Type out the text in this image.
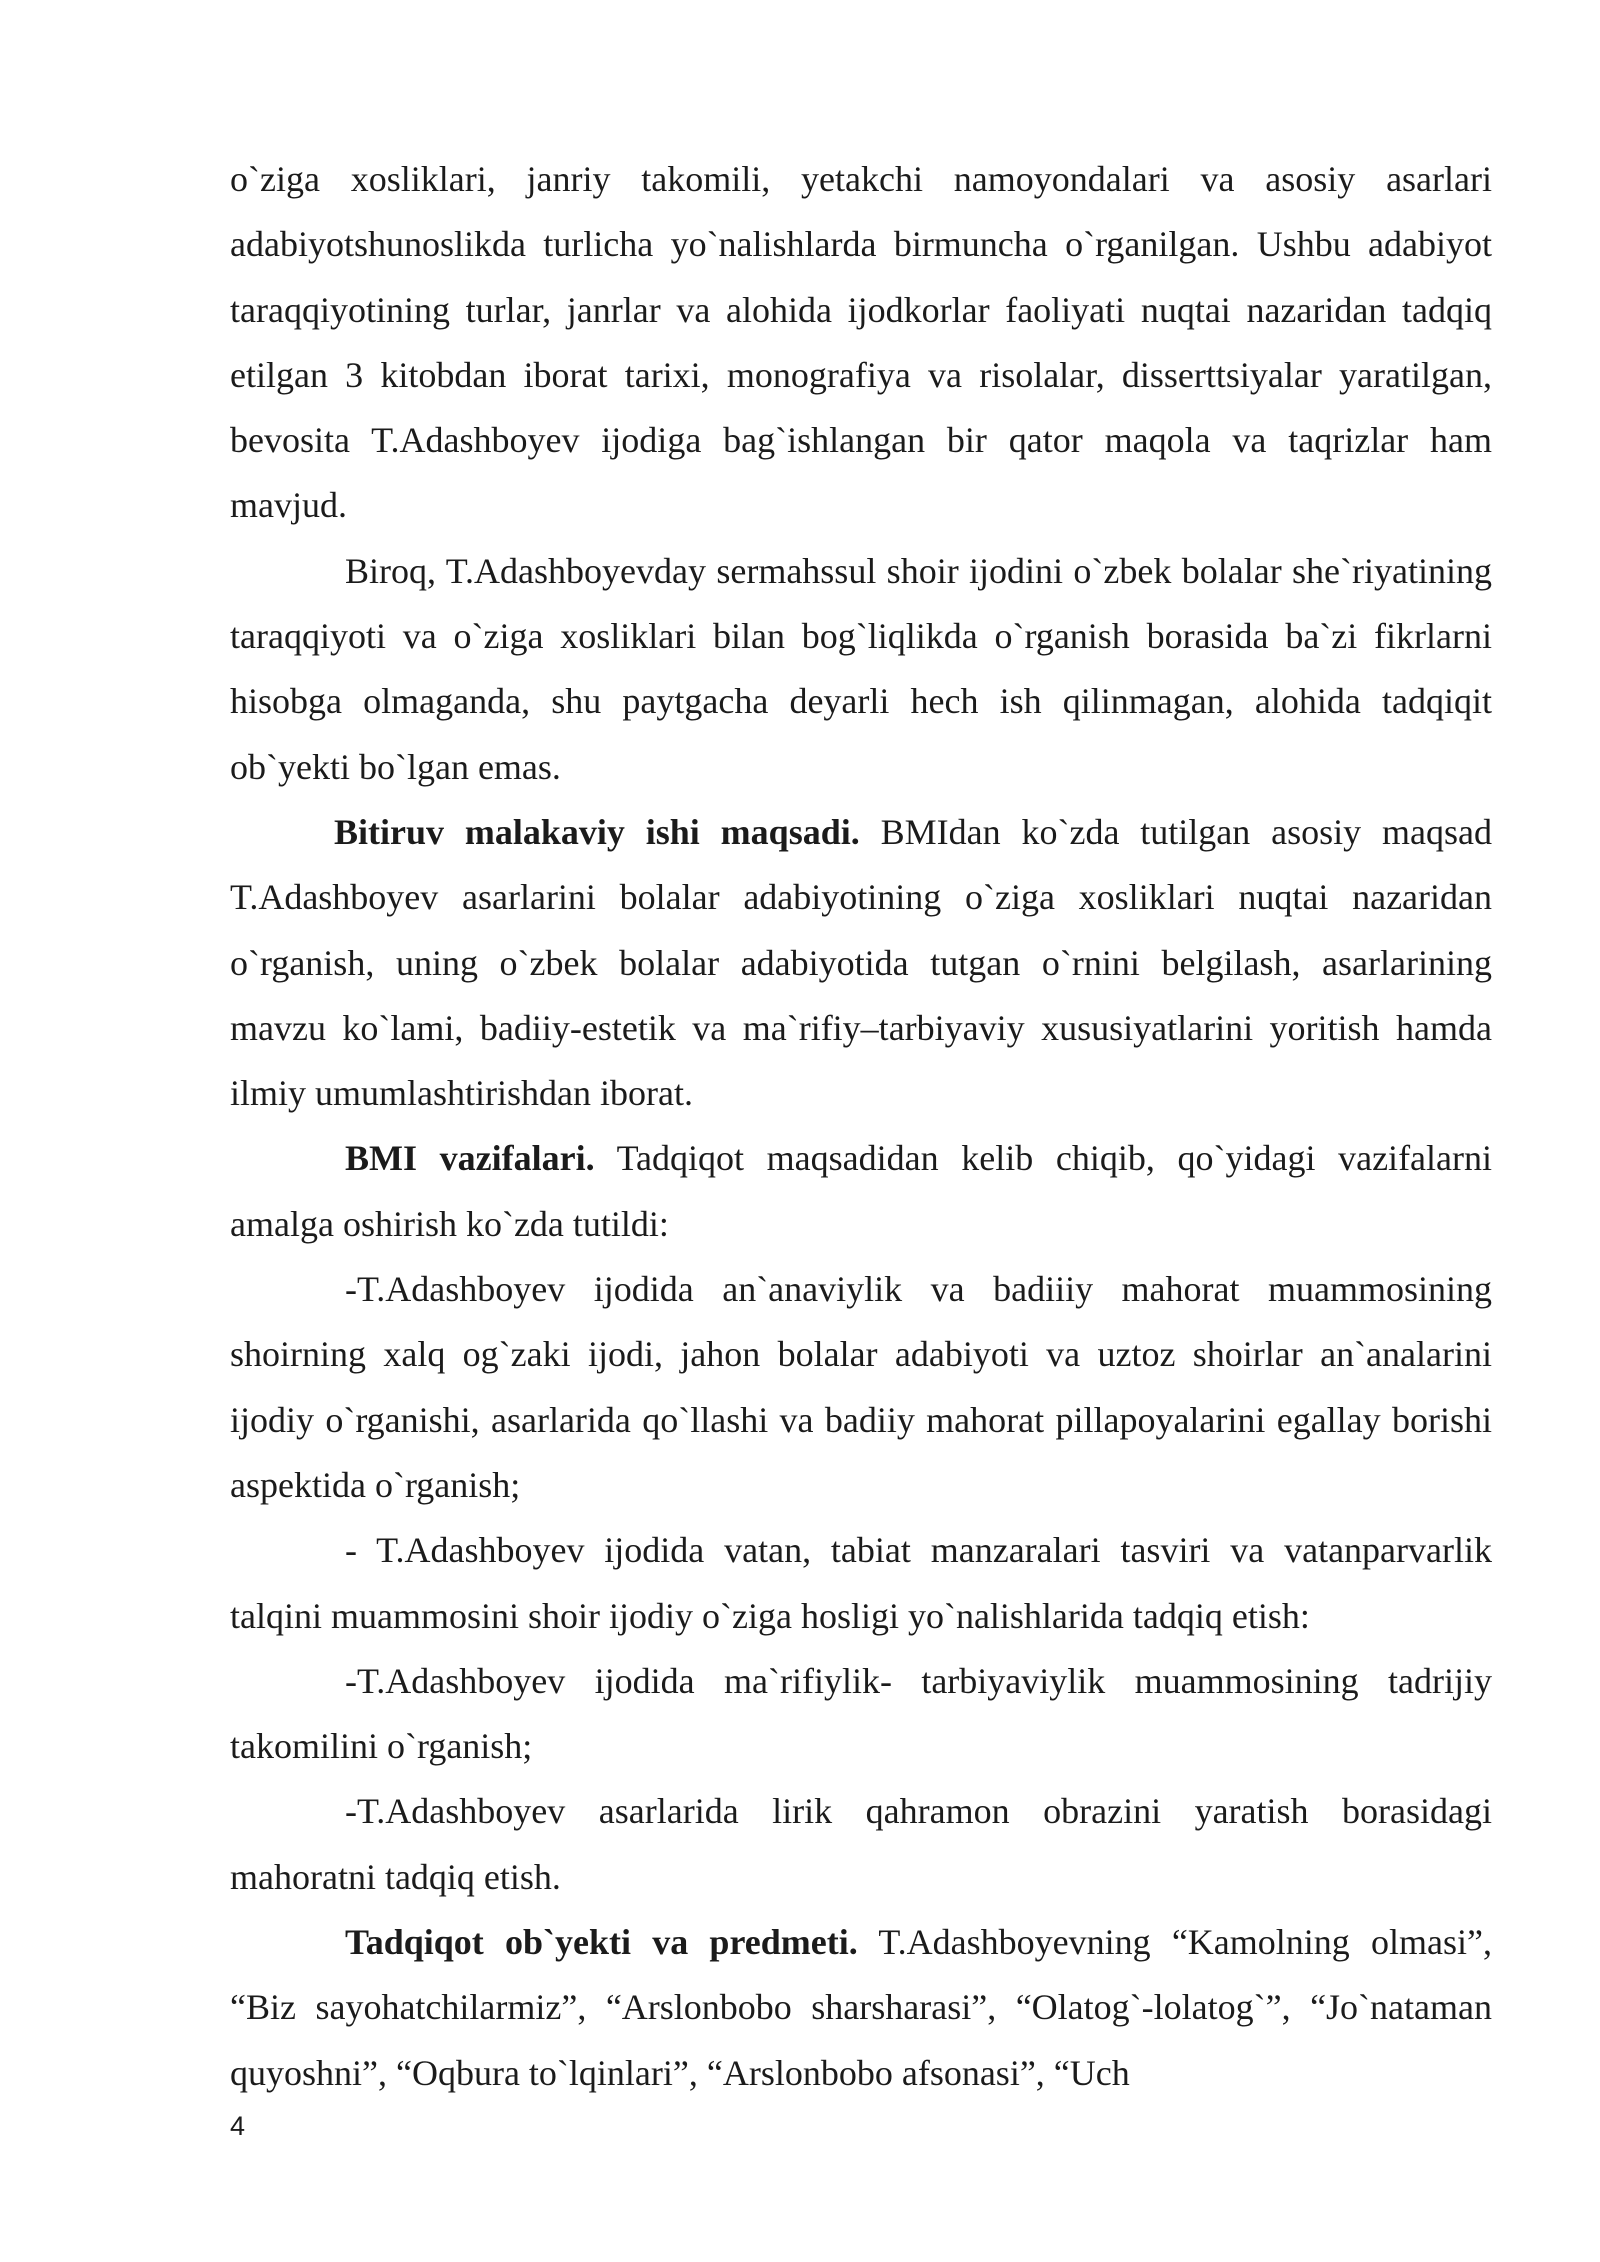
o`ziga xosliklari, janriy takomili, yetakchi namoyondalari va asosiy asarlari adabiyotshunoslikda turlicha yo`nalishlarda birmuncha o`rganilgan. Ushbu adabiyot taraqqiyotining turlar, janrlar va alohida ijodkorlar faoliyati nuqtai nazaridan tadqiq etilgan 3 kitobdan iborat tarixi, monografiya va risolalar, disserttsiyalar yaratilgan, bevosita T.Adashboyev ijodiga bag`ishlangan bir qator maqola va taqrizlar ham mavjud.

Biroq, T.Adashboyevday sermahssul shoir ijodini o`zbek bolalar she`riyatining taraqqiyoti va o`ziga xosliklari bilan bog`liqlikda o`rganish borasida ba`zi fikrlarni hisobga olmaganda, shu paytgacha deyarli hech ish qilinmagan, alohida tadqiqit ob`yekti bo`lgan emas.

Bitiruv malakaviy ishi maqsadi. BMIdan ko`zda tutilgan asosiy maqsad T.Adashboyev asarlarini bolalar adabiyotining o`ziga xosliklari nuqtai nazaridan o`rganish, uning o`zbek bolalar adabiyotida tutgan o`rnini belgilash, asarlarining mavzu ko`lami, badiiy-estetik va ma`rifiy–tarbiyaviy xususiyatlarini yoritish hamda ilmiy umumlashtirishdan iborat.

BMI vazifalari. Tadqiqot maqsadidan kelib chiqib, qo`yidagi vazifalarni amalga oshirish ko`zda tutildi:

-T.Adashboyev ijodida an`anaviylik va badiiiy mahorat muammosining shoirning xalq og`zaki ijodi, jahon bolalar adabiyoti va uztoz shoirlar an`analarini ijodiy o`rganishi, asarlarida qo`llashi va badiiy mahorat pillapoyalarini egallay borishi aspektida o`rganish;

- T.Adashboyev ijodida vatan, tabiat manzaralari tasviri va vatanparvarlik talqini muammosini shoir ijodiy o`ziga hosligi yo`nalishlarida tadqiq etish:

-T.Adashboyev ijodida ma`rifiylik- tarbiyaviylik muammosining tadrijiy takomilini o`rganish;

-T.Adashboyev asarlarida lirik qahramon obrazini yaratish borasidagi mahoratni tadqiq etish.

Tadqiqot ob`yekti va predmeti. T.Adashboyevning “Kamolning olmasi”, “Biz sayohatchilarmiz”, “Arslonbobo sharsharasi”, “Olatog`-lolatog`”, “Jo`nataman quyoshni”, “Oqbura to`lqinlari”, “Arslonbobo afsonasi”, “Uch

4
